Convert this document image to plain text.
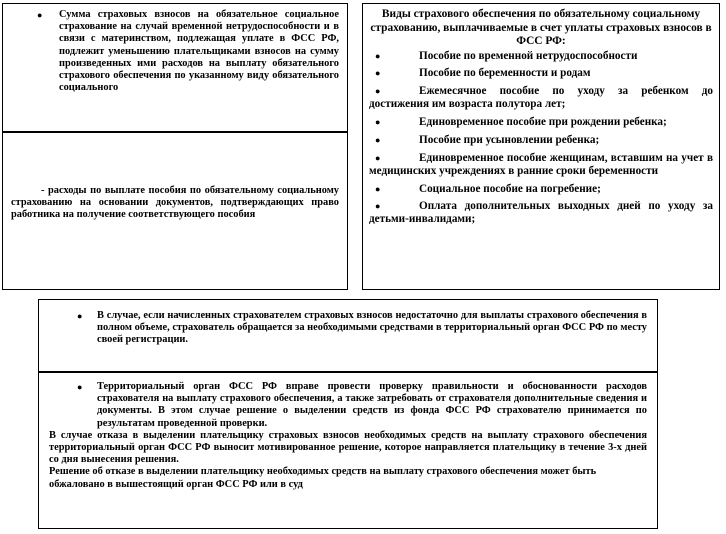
● Сумма страховых взносов на обязательное социальное страхование на случай временной нетрудоспособности и в связи с материнством, подлежащая уплате в ФСС РФ, подлежит уменьшению плательщиками взносов на сумму произведенных ими расходов на выплату обязательного страхового обеспечения по указанному виду обязательного социального

- расходы по выплате пособия по обязательному социальному страхованию на основании документов, подтверждающих право работника на получение соответствующего пособия

Виды страхового обеспечения по обязательному социальному страхованию, выплачиваемые в счет уплаты страховых взносов в ФСС РФ:
●	Пособие по временной нетрудоспособности
●	Пособие по беременности и родам
●	Ежемесячное пособие по уходу за ребенком до достижения им возраста полутора лет;
●	Единовременное пособие при рождении ребенка;
●	Пособие при усыновлении ребенка;
●	Единовременное пособие женщинам, вставшим на учет в медицинских учреждениях в ранние сроки беременности
●	Социальное пособие на погребение;
●	Оплата дополнительных выходных дней по уходу за детьми-инвалидами;
● В случае, если начисленных страхователем страховых взносов недостаточно для выплаты страхового обеспечения в полном объеме, страхователь обращается за необходимыми средствами в территориальный орган ФСС РФ по месту своей регистрации.
● Территориальный орган ФСС РФ вправе провести проверку правильности и обоснованности расходов страхователя на выплату страхового обеспечения, а также затребовать от страхователя дополнительные сведения и документы. В этом случае решение о выделении средств из фонда ФСС РФ страхователю принимается по результатам проведенной проверки.

В случае отказа в выделении плательщику страховых взносов необходимых средств на выплату страхового обеспечения территориальный орган ФСС РФ выносит мотивированное решение, которое направляется плательщику в течение 3-х дней со дня вынесения решения.

Решение об отказе в выделении плательщику необходимых средств на выплату страхового обеспечения может быть обжаловано в вышестоящий орган ФСС РФ или в суд
